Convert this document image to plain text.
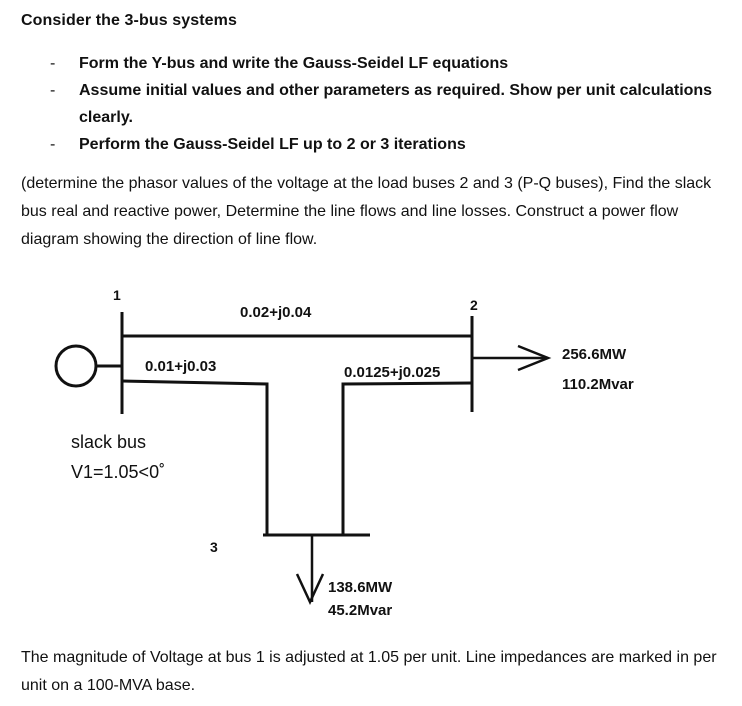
Consider the 3-bus systems
- Form the Y-bus and write the Gauss-Seidel LF equations
- Assume initial values and other parameters as required. Show per unit calculations clearly.
- Perform the Gauss-Seidel LF up to 2 or 3 iterations

(determine the phasor values of the voltage at the load buses 2 and 3 (P-Q buses), Find the slack bus real and reactive power, Determine the line flows and line losses. Construct a power flow diagram showing the direction of line flow.

1
2
3
0.02+j0.04
0.01+j0.03	0.0125+j0.025
256.6MW
110.2Mvar
138.6MW
45.2Mvar
slack bus
V1=1.05<0˚

The magnitude of Voltage at bus 1 is adjusted at 1.05 per unit. Line impedances are marked in per unit on a 100-MVA base.
